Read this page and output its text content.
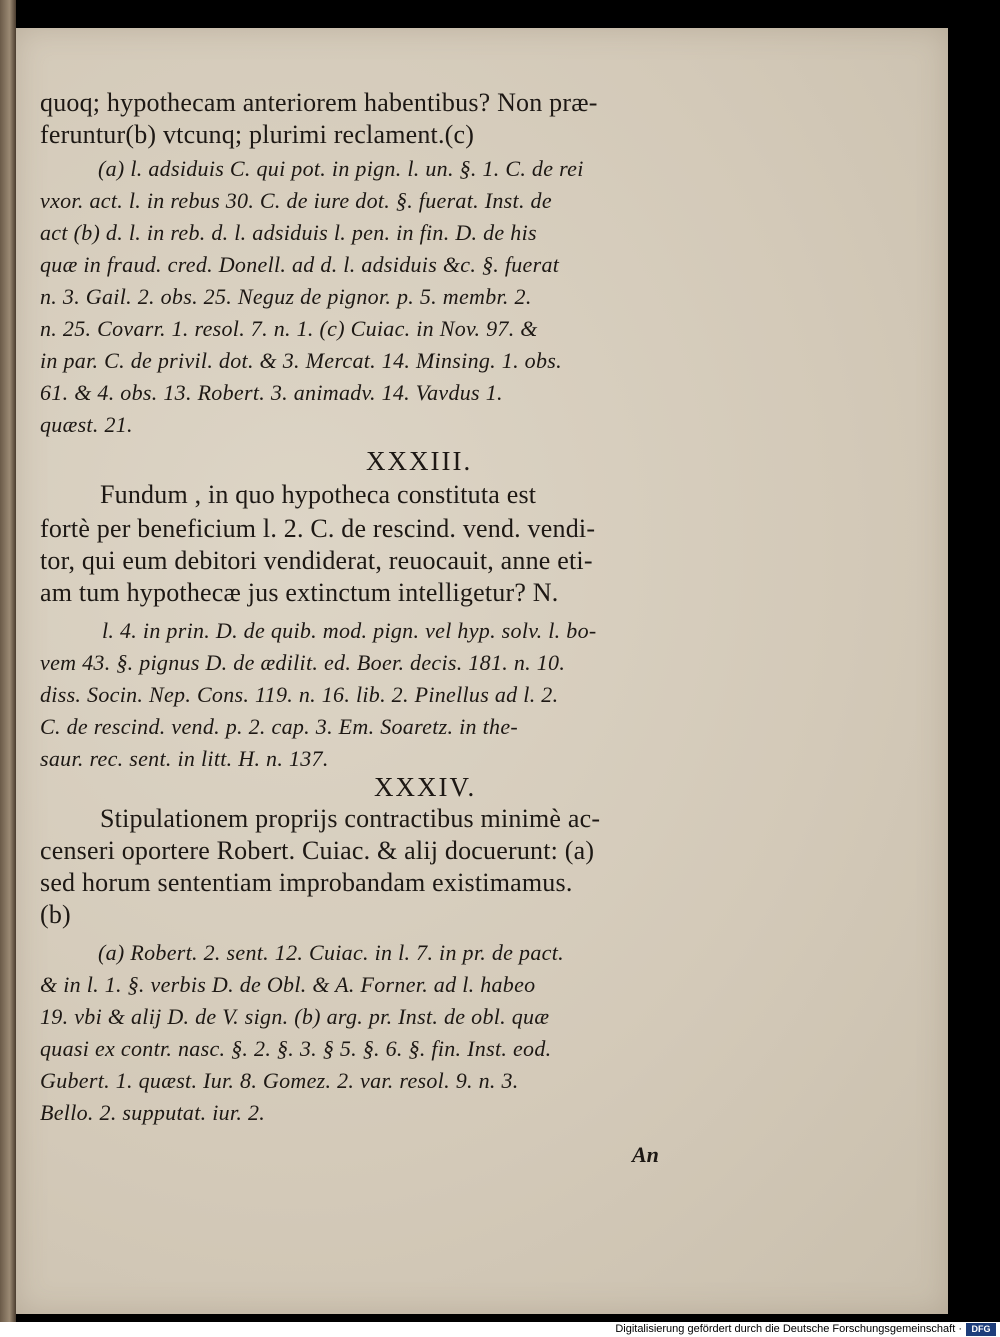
quoq; hypothecam anteriorem habentibus? Non præ-
feruntur(b) vtcunq; plurimi reclament.(c)
(a) l. adsiduis C. qui pot. in pign. l. un. §. 1. C. de rei
vxor. act. l. in rebus 30. C. de iure dot. §. fuerat. Inst. de
act (b) d. l. in reb. d. l. adsiduis l. pen. in fin. D. de his
quæ in fraud. cred. Donell. ad d. l. adsiduis &c. §. fuerat
n. 3. Gail. 2. obs. 25. Neguz de pignor. p. 5. membr. 2.
n. 25. Covarr. 1. resol. 7. n. 1. (c) Cuiac. in Nov. 97. &
in par. C. de privil. dot. & 3. Mercat. 14. Minsing. 1. obs.
61. & 4. obs. 13. Robert. 3. animadv. 14. Vavdus 1.
quæst. 21.
XXXIII.
Fundum , in quo hypotheca constituta est
fortè per beneficium l. 2. C. de rescind. vend. vendi-
tor, qui eum debitori vendiderat, reuocauit, anne eti-
am tum hypothecæ jus extinctum intelligetur? N.
l. 4. in prin. D. de quib. mod. pign. vel hyp. solv. l. bo-
vem 43. §. pignus D. de ædilit. ed. Boer. decis. 181. n. 10.
diss. Socin. Nep. Cons. 119. n. 16. lib. 2. Pinellus ad l. 2.
C. de rescind. vend. p. 2. cap. 3. Em. Soaretz. in the-
saur. rec. sent. in litt. H. n. 137.
XXXIV.
Stipulationem proprijs contractibus minimè ac-
censeri oportere Robert. Cuiac. & alij docuerunt: (a)
sed horum sententiam improbandam existimamus.
(b)
(a) Robert. 2. sent. 12. Cuiac. in l. 7. in pr. de pact.
& in l. 1. §. verbis D. de Obl. & A. Forner. ad l. habeo
19. vbi & alij D. de V. sign. (b) arg. pr. Inst. de obl. quæ
quasi ex contr. nasc. §. 2. §. 3. § 5. §. 6. §. fin. Inst. eod.
Gubert. 1. quæst. Iur. 8. Gomez. 2. var. resol. 9. n. 3.
Bello. 2. supputat. iur. 2.
An
Digitalisierung gefördert durch die Deutsche Forschungsgemeinschaft ·	DFG
